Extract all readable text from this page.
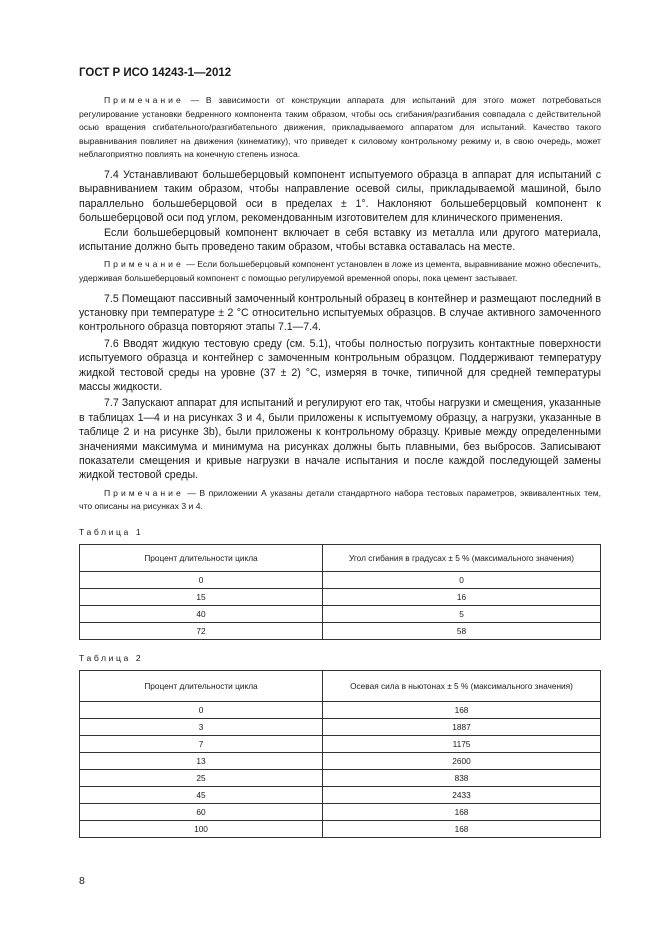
ГОСТ Р ИСО 14243-1—2012

Примечание — В зависимости от конструкции аппарата для испытаний для этого может потребоваться регулирование установки бедренного компонента таким образом, чтобы ось сгибания/разгибания совпадала с действительной осью вращения сгибательного/разгибательного движения, прикладываемого аппаратом для испытаний. Качество такого выравнивания повлияет на движения (кинематику), что приведет к силовому контрольному режиму и, в свою очередь, может неблагоприятно повлиять на конечную степень износа.

7.4 Устанавливают большеберцовый компонент испытуемого образца в аппарат для испытаний с выравниванием таким образом, чтобы направление осевой силы, прикладываемой машиной, было параллельно большеберцовой оси в пределах ± 1°. Наклоняют большеберцовый компонент к большеберцовой оси под углом, рекомендованным изготовителем для клинического применения.

Если большеберцовый компонент включает в себя вставку из металла или другого материала, испытание должно быть проведено таким образом, чтобы вставка оставалась на месте.

Примечание — Если большеберцовый компонент установлен в ложе из цемента, выравнивание можно обеспечить, удерживая большеберцовый компонент с помощью регулируемой временной опоры, пока цемент застывает.

7.5 Помещают пассивный замоченный контрольный образец в контейнер и размещают последний в установку при температуре ± 2 °С относительно испытуемых образцов. В случае активного замоченного контрольного образца повторяют этапы 7.1—7.4.

7.6 Вводят жидкую тестовую среду (см. 5.1), чтобы полностью погрузить контактные поверхности испытуемого образца и контейнер с замоченным контрольным образцом. Поддерживают температуру жидкой тестовой среды на уровне (37 ± 2) °С, измеряя в точке, типичной для средней температуры массы жидкости.

7.7 Запускают аппарат для испытаний и регулируют его так, чтобы нагрузки и смещения, указанные в таблицах 1—4 и на рисунках 3 и 4, были приложены к испытуемому образцу, а нагрузки, указанные в таблице 2 и на рисунке 3b), были приложены к контрольному образцу. Кривые между определенными значениями максимума и минимума на рисунках должны быть плавными, без выбросов. Записывают показатели смещения и кривые нагрузки в начале испытания и после каждой последующей замены жидкой тестовой среды.

Примечание — В приложении А указаны детали стандартного набора тестовых параметров, эквивалентных тем, что описаны на рисунках 3 и 4.

Таблица 1
Процент длительности цикла	Угол сгибания в градусах ± 5 % (максимального значения)
0	0
15	16
40	5
72	58
Таблица 2
Процент длительности цикла	Осевая сила в ньютонах ± 5 % (максимального значения)
0	168
3	1887
7	1175
13	2600
25	838
45	2433
60	168
100	168
8
